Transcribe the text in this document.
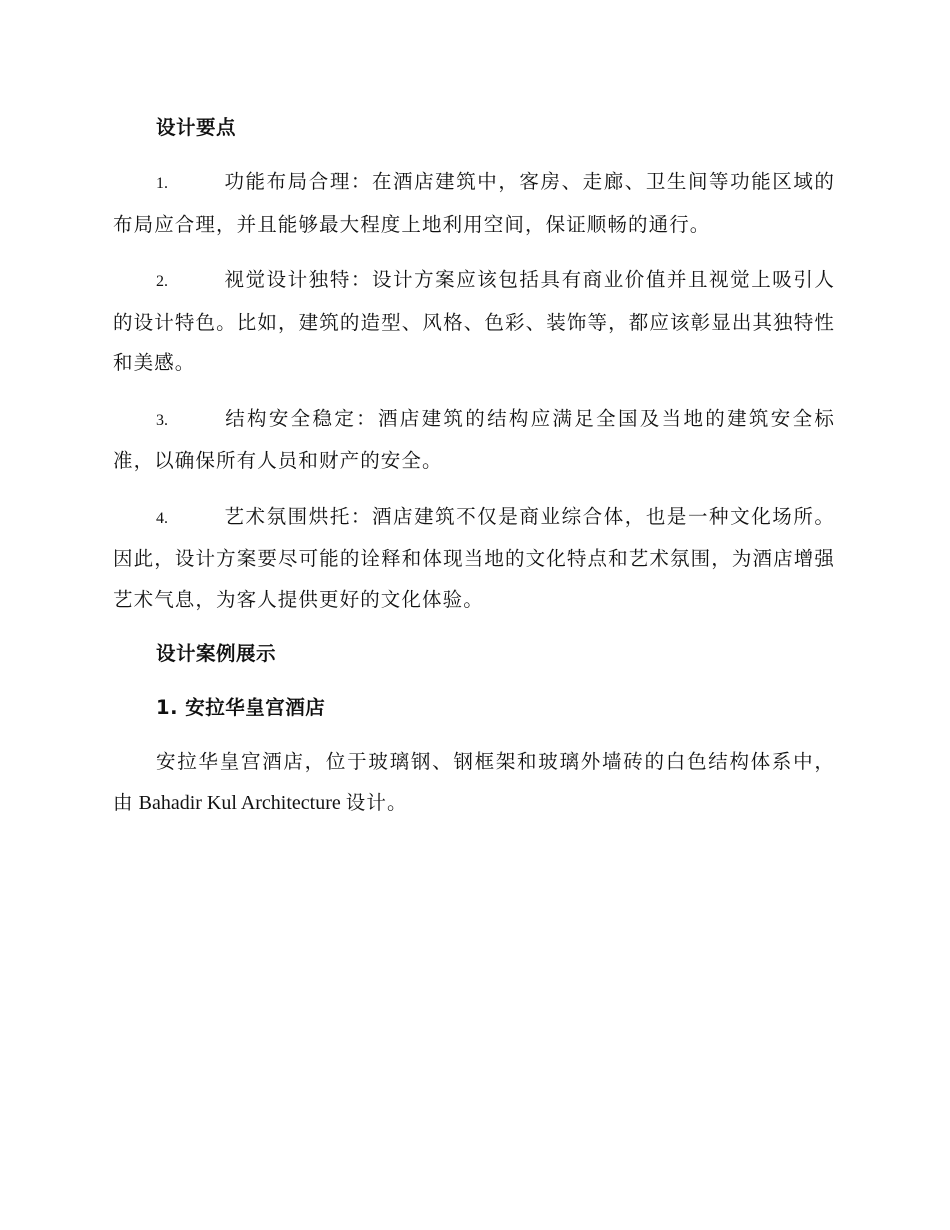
设计要点

1.	功能布局合理：在酒店建筑中，客房、走廊、卫生间等功能区域的布局应合理，并且能够最大程度上地利用空间，保证顺畅的通行。

2.	视觉设计独特：设计方案应该包括具有商业价值并且视觉上吸引人的设计特色。比如，建筑的造型、风格、色彩、装饰等，都应该彰显出其独特性和美感。

3.	结构安全稳定：酒店建筑的结构应满足全国及当地的建筑安全标准，以确保所有人员和财产的安全。

4.	艺术氛围烘托：酒店建筑不仅是商业综合体，也是一种文化场所。因此，设计方案要尽可能的诠释和体现当地的文化特点和艺术氛围，为酒店增强艺术气息，为客人提供更好的文化体验。

设计案例展示
1. 安拉华皇宫酒店

安拉华皇宫酒店，位于玻璃钢、钢框架和玻璃外墙砖的白色结构体系中，由 Bahadir Kul Architecture 设计。
